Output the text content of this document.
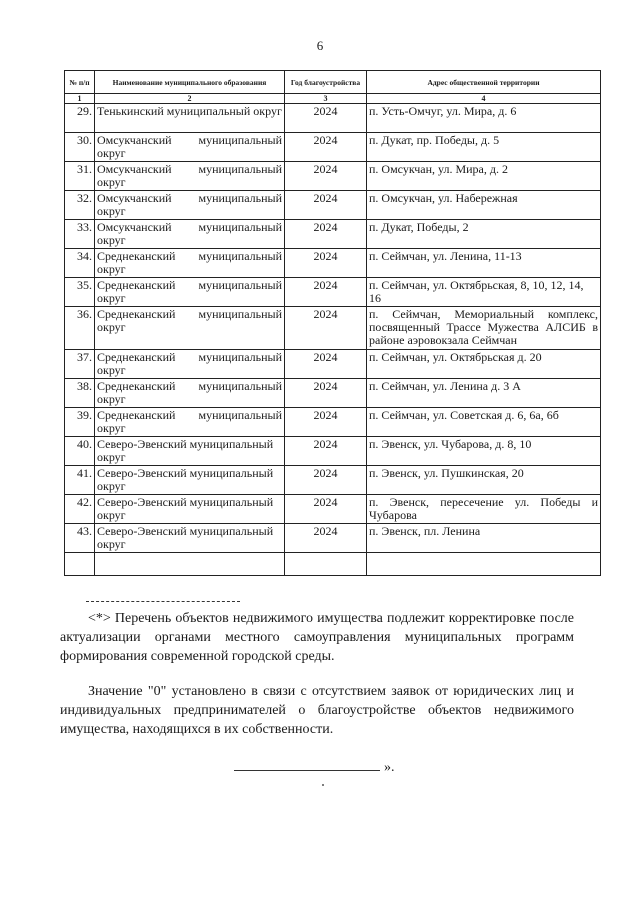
6
№ п/п	Наименование муниципального образования	Год благоустройства	Адрес общественной территории
1	2	3	4
29.	Тенькинский муниципальный округ	2024	п. Усть-Омчуг, ул. Мира, д. 6
30.	Омсукчанский муниципальный округ	2024	п. Дукат, пр. Победы, д. 5
31.	Омсукчанский муниципальный округ	2024	п. Омсукчан, ул. Мира, д. 2
32.	Омсукчанский муниципальный округ	2024	п. Омсукчан, ул. Набережная
33.	Омсукчанский муниципальный округ	2024	п. Дукат, Победы, 2
34.	Среднеканский муниципальный округ	2024	п. Сеймчан, ул. Ленина, 11-13
35.	Среднеканский муниципальный округ	2024	п. Сеймчан, ул. Октябрьская, 8, 10, 12, 14, 16
36.	Среднеканский муниципальный округ	2024	п. Сеймчан, Мемориальный комплекс, посвященный Трассе Мужества АЛСИБ в районе аэровокзала Сеймчан
37.	Среднеканский муниципальный округ	2024	п. Сеймчан, ул. Октябрьская д. 20
38.	Среднеканский муниципальный округ	2024	п. Сеймчан, ул. Ленина д. 3 А
39.	Среднеканский муниципальный округ	2024	п. Сеймчан, ул. Советская д. 6, 6а, 6б
40.	Северо-Эвенский муниципальный округ	2024	п. Эвенск, ул. Чубарова, д. 8, 10
41.	Северо-Эвенский муниципальный округ	2024	п. Эвенск, ул. Пушкинская, 20
42.	Северо-Эвенский муниципальный округ	2024	п. Эвенск, пересечение ул. Победы и Чубарова
43.	Северо-Эвенский муниципальный округ	2024	п. Эвенск, пл. Ленина

<*> Перечень объектов недвижимого имущества подлежит корректировке после актуализации органами местного самоуправления муниципальных программ формирования современной городской среды.

Значение "0" установлено в связи с отсутствием заявок от юридических лиц и индивидуальных предпринимателей о благоустройстве объектов недвижимого имущества, находящихся в их собственности.

».
